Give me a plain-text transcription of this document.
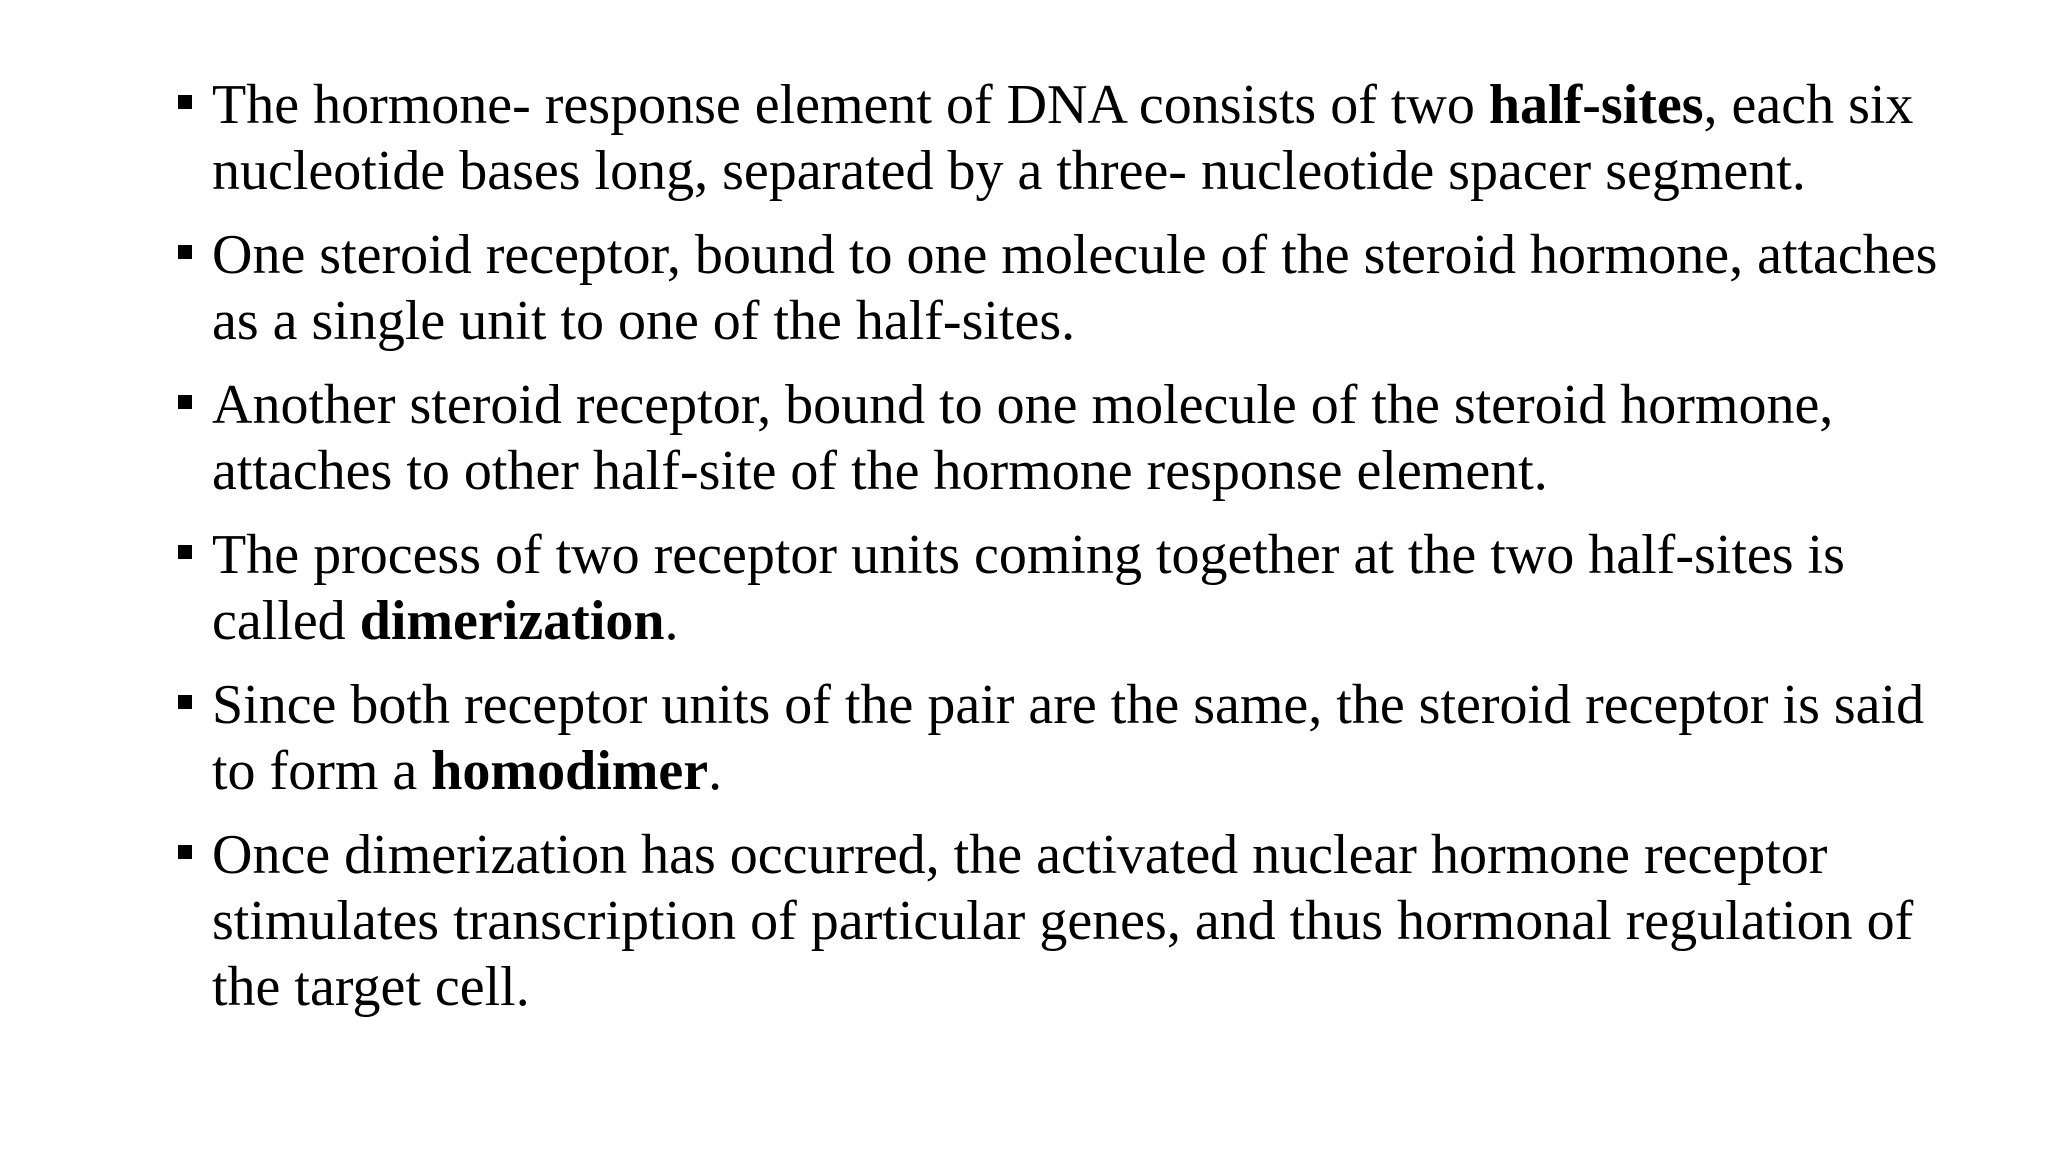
The hormone- response element of DNA consists of two half-sites, each six nucleotide bases long, separated by a three- nucleotide spacer segment.
One steroid receptor, bound to one molecule of the steroid hormone, attaches as a single unit to one of the half-sites.
Another steroid receptor, bound to one molecule of the steroid hormone, attaches to other half-site of the hormone response element.
The process of two receptor units coming together at the two half-sites is called dimerization.
Since both receptor units of the pair are the same, the steroid receptor is said to form a homodimer.
Once dimerization has occurred, the activated nuclear hormone receptor stimulates transcription of particular genes, and thus hormonal regulation of the target cell.
